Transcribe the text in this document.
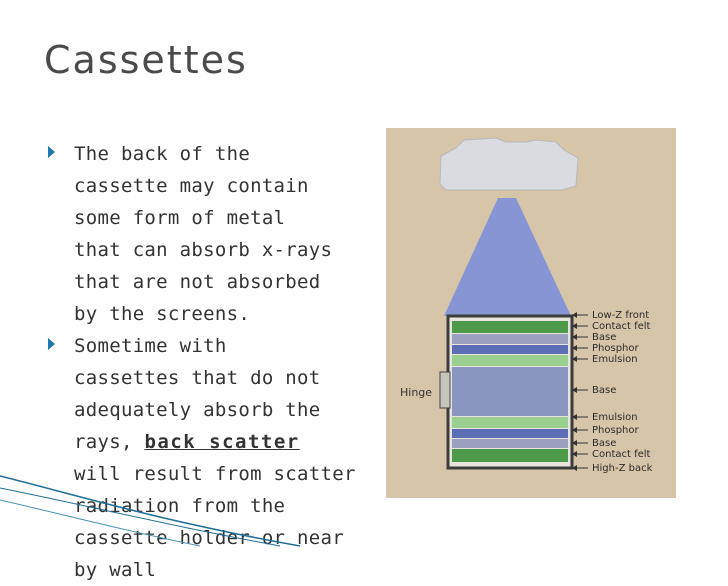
Cassettes
The back of the
cassette may contain
some form of metal
that can absorb x-rays
that are not absorbed
by the screens.
Sometime with
cassettes that do not
adequately absorb the
rays, back scatter
will result from scatter
radiation from the
cassette holder or near
by wall
Hinge
Low-Z front
Contact felt
Base
Phosphor
Emulsion
Base
Emulsion
Phosphor
Base
Contact felt
High-Z back
